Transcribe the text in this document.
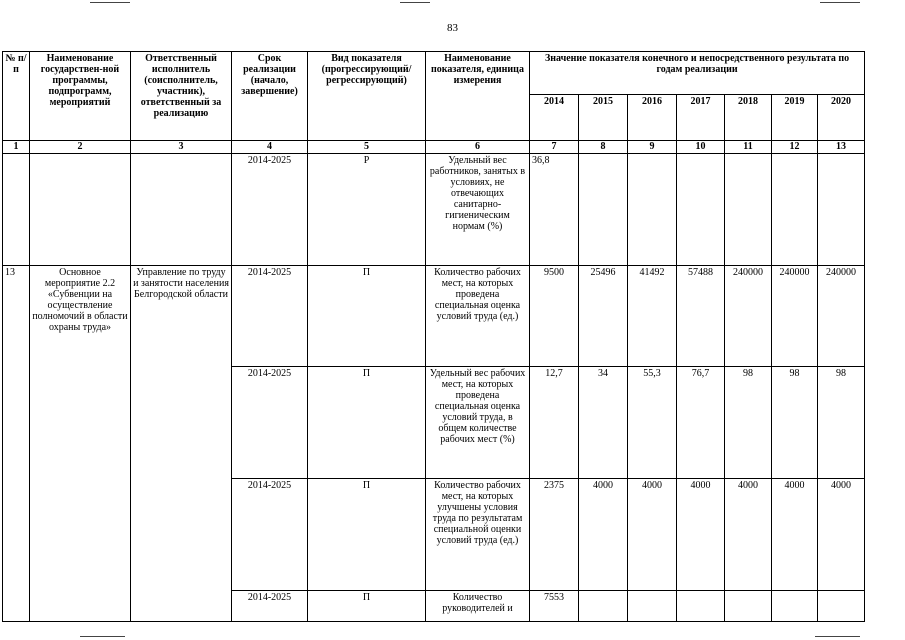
83
№ п/п	Наименование государствен-ной программы, подпрограмм, мероприятий	Ответственный исполнитель (соисполнитель, участник), ответственный за реализацию	Срок реализации (начало, завершение)	Вид показателя (прогрессирующий/ регрессирующий)	Наименование показателя, единица измерения	Значение показателя конечного и непосредственного результата по годам реализации						
						2014	2015	2016	2017	2018	2019	2020
1	2	3	4	5	6	7	8	9	10	11	12	13
			2014-2025	Р	Удельный вес работников, занятых в условиях, не отвечающих санитарно-гигиеническим нормам (%)	36,8						
13	Основное мероприятие 2.2 «Субвенции на осуществление полномочий в области охраны труда»	Управление по труду и занятости населения Белгородской области	2014-2025	П	Количество рабочих мест, на которых проведена специальная оценка условий труда (ед.)	9500	25496	41492	57488	240000	240000	240000
			2014-2025	П	Удельный вес рабочих мест, на которых проведена специальная оценка условий труда, в общем количестве рабочих мест (%)	12,7	34	55,3	76,7	98	98	98
			2014-2025	П	Количество рабочих мест, на которых улучшены условия труда по результатам специальной оценки условий труда (ед.)	2375	4000	4000	4000	4000	4000	4000
			2014-2025	П	Количество руководителей и	7553						
